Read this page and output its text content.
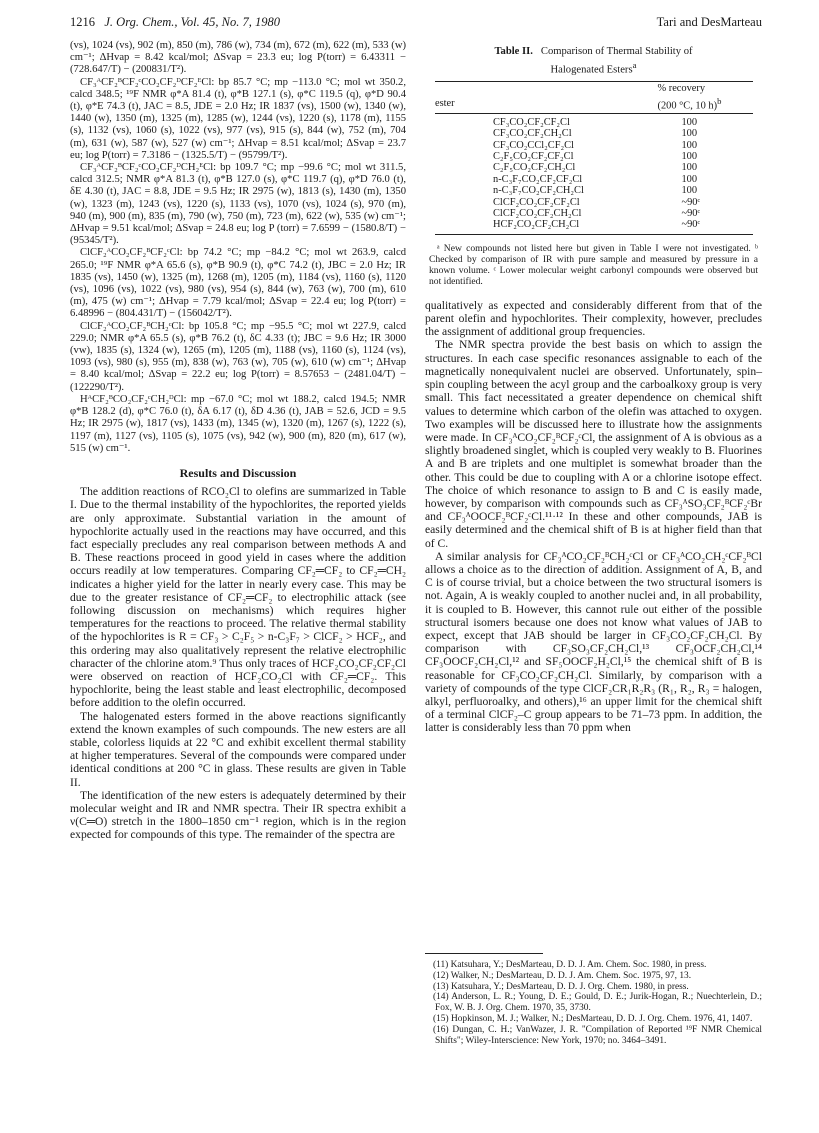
1216 J. Org. Chem., Vol. 45, No. 7, 1980	Tari and DesMarteau

(vs), 1024 (vs), 902 (m), 850 (m), 786 (w), 734 (m), 672 (m), 622 (m), 533 (w) cm⁻¹; ΔHvap = 8.42 kcal/mol; ΔSvap = 23.3 eu; log P(torr) = 6.43311 − (728.647/T) − (200831/T²).

CF₃ᴬCF₂ᴮCF₂ᶜCO₂CF₂ᴰCF₂ᴱCl: bp 85.7 °C; mp −113.0 °C; mol wt 350.2, calcd 348.5; ¹⁹F NMR φ*A 81.4 (t), φ*B 127.1 (s), φ*C 119.5 (q), φ*D 90.4 (t), φ*E 74.3 (t), JAC = 8.5, JDE = 2.0 Hz; IR 1837 (vs), 1500 (w), 1340 (w), 1440 (w), 1350 (m), 1325 (m), 1285 (w), 1244 (vs), 1220 (s), 1178 (m), 1155 (s), 1132 (vs), 1060 (s), 1022 (vs), 977 (vs), 915 (s), 844 (w), 752 (m), 704 (m), 631 (w), 587 (w), 527 (w) cm⁻¹; ΔHvap = 8.51 kcal/mol; ΔSvap = 23.7 eu; log P(torr) = 7.3186 − (1325.5/T) − (95799/T²).

CF₃ᴬCF₂ᴮCF₂ᶜCO₂CF₂ᴰCH₂ᴱCl: bp 109.7 °C; mp −99.6 °C; mol wt 311.5, calcd 312.5; NMR φ*A 81.3 (t), φ*B 127.0 (s), φ*C 119.7 (q), φ*D 76.0 (t), δE 4.30 (t), JAC = 8.8, JDE = 9.5 Hz; IR 2975 (w), 1813 (s), 1430 (m), 1350 (w), 1323 (m), 1243 (vs), 1220 (s), 1133 (vs), 1070 (vs), 1024 (s), 970 (m), 940 (m), 900 (m), 835 (m), 790 (w), 750 (m), 723 (m), 622 (w), 535 (w) cm⁻¹; ΔHvap = 9.51 kcal/mol; ΔSvap = 24.8 eu; log P (torr) = 7.6599 − (1580.8/T) − (95345/T²).

ClCF₂ᴬCO₂CF₂ᴮCF₂ᶜCl: bp 74.2 °C; mp −84.2 °C; mol wt 263.9, calcd 265.0; ¹⁹F NMR φ*A 65.6 (s), φ*B 90.9 (t), φ*C 74.2 (t), JBC = 2.0 Hz; IR 1835 (vs), 1450 (w), 1325 (m), 1268 (m), 1205 (m), 1184 (vs), 1160 (s), 1120 (vs), 1096 (vs), 1022 (vs), 980 (vs), 954 (s), 844 (w), 763 (w), 700 (m), 610 (m), 475 (w) cm⁻¹; ΔHvap = 7.79 kcal/mol; ΔSvap = 22.4 eu; log P(torr) = 6.48996 − (804.431/T) − (156042/T²).

ClCF₂ᴬCO₂CF₂ᴮCH₂ᶜCl: bp 105.8 °C; mp −95.5 °C; mol wt 227.9, calcd 229.0; NMR φ*A 65.5 (s), φ*B 76.2 (t), δC 4.33 (t); JBC = 9.6 Hz; IR 3000 (vw), 1835 (s), 1324 (w), 1265 (m), 1205 (m), 1188 (vs), 1160 (s), 1124 (vs), 1093 (vs), 980 (s), 955 (m), 838 (w), 763 (w), 705 (w), 610 (w) cm⁻¹; ΔHvap = 8.40 kcal/mol; ΔSvap = 22.2 eu; log P(torr) = 8.57653 − (2481.04/T) − (122290/T²).

HᴬCF₂ᴮCO₂CF₂ᶜCH₂ᴰCl: mp −67.0 °C; mol wt 188.2, calcd 194.5; NMR φ*B 128.2 (d), φ*C 76.0 (t), δA 6.17 (t), δD 4.36 (t), JAB = 52.6, JCD = 9.5 Hz; IR 2975 (w), 1817 (vs), 1433 (m), 1345 (w), 1320 (m), 1267 (s), 1222 (s), 1197 (m), 1127 (vs), 1105 (s), 1075 (vs), 942 (w), 900 (m), 820 (m), 617 (w), 515 (w) cm⁻¹.

Results and Discussion

The addition reactions of RCO₂Cl to olefins are summarized in Table I. Due to the thermal instability of the hypochlorites, the reported yields are only approximate. Substantial variation in the amount of hypochlorite actually used in the reactions may have occurred, and this fact especially precludes any real comparison between methods A and B. These reactions proceed in good yield in cases where the addition occurs readily at low temperatures. Comparing CF₂═CF₂ to CF₂═CH₂ indicates a higher yield for the latter in nearly every case. This may be due to the greater resistance of CF₂═CF₂ to electrophilic attack (see following discussion on mechanisms) which requires higher temperatures for the reactions to proceed. The relative thermal stability of the hypochlorites is R = CF₃ > C₂F₅ > n-C₃F₇ > ClCF₂ > HCF₂, and this ordering may also qualitatively represent the relative electrophilic character of the chlorine atom.⁹ Thus only traces of HCF₂CO₂CF₂CF₂Cl were observed on reaction of HCF₂CO₂Cl with CF₂═CF₂. This hypochlorite, being the least stable and least electrophilic, decomposed before addition to the olefin occurred.

The halogenated esters formed in the above reactions significantly extend the known examples of such compounds. The new esters are all stable, colorless liquids at 22 °C and exhibit excellent thermal stability at higher temperatures. Several of the compounds were compared under identical conditions at 200 °C in glass. These results are given in Table II.

The identification of the new esters is adequately determined by their molecular weight and IR and NMR spectra. Their IR spectra exhibit a ν(C═O) stretch in the 1800–1850 cm⁻¹ region, which is in the region expected for compounds of this type. The remainder of the spectra are

Table II. Comparison of Thermal Stability of
Halogenated Esters$^a$
	% recovery
ester	(200 °C, 10 h)$^b$
CF₃CO₂CF₂CF₂Cl	100
CF₃CO₂CF₂CH₂Cl	100
CF₃CO₂CCl₂CF₂Cl	100
C₂F₅CO₂CF₂CF₂Cl	100
C₂F₅CO₂CF₂CH₂Cl	100
n-C₃F₇CO₂CF₂CF₂Cl	100
n-C₃F₇CO₂CF₂CH₂Cl	100
ClCF₂CO₂CF₂CF₂Cl	~90ᶜ
ClCF₂CO₂CF₂CH₂Cl	~90ᶜ
HCF₂CO₂CF₂CH₂Cl	~90ᶜ
ᵃ New compounds not listed here but given in Table I were not investigated. ᵇ Checked by comparison of IR with pure sample and measured by pressure in a known volume. ᶜ Lower molecular weight carbonyl compounds were observed but not identified.

qualitatively as expected and considerably different from that of the parent olefin and hypochlorites. Their complexity, however, precludes the assignment of additional group frequencies.

The NMR spectra provide the best basis on which to assign the structures. In each case specific resonances assignable to each of the magnetically nonequivalent nuclei are observed. Unfortunately, spin–spin coupling between the acyl group and the carboalkoxy group is very small. This fact necessitated a greater dependence on chemical shift values to determine which carbon of the olefin was attached to oxygen. Two examples will be discussed here to illustrate how the assignments were made. In CF₃ᴬCO₂CF₂ᴮCF₂ᶜCl, the assignment of A is obvious as a slightly broadened singlet, which is coupled very weakly to B. Fluorines A and B are triplets and one multiplet is somewhat broader than the other. This could be due to coupling with A or a chlorine isotope effect. The choice of which resonance to assign to B and C is easily made, however, by comparison with compounds such as CF₃ᴬSO₃CF₂ᴮCF₂ᶜBr and CF₃ᴬOOCF₂ᴮCF₂ᶜCl.¹¹·¹² In these and other compounds, JAB is easily determined and the chemical shift of B is at higher field than that of C.

A similar analysis for CF₃ᴬCO₂CF₂ᴮCH₂ᶜCl or CF₃ᴬCO₂CH₂ᶜCF₂ᴮCl allows a choice as to the direction of addition. Assignment of A, B, and C is of course trivial, but a choice between the two structural isomers is not. Again, A is weakly coupled to another nuclei and, in all probability, it is coupled to B. However, this cannot rule out either of the possible structural isomers because one does not know what values of JAB to expect, except that JAB should be larger in CF₃CO₂CF₂CH₂Cl. By comparison with CF₃SO₃CF₂CH₂Cl,¹³ CF₃OCF₂CH₂Cl,¹⁴ CF₃OOCF₂CH₂Cl,¹² and SF₅OOCF₂H₂Cl,¹⁵ the chemical shift of B is reasonable for CF₃CO₂CF₂CH₂Cl. Similarly, by comparison with a variety of compounds of the type ClCF₂CR₁R₂R₃ (R₁, R₂, R₃ = halogen, alkyl, perfluoroalky, and others),¹⁶ an upper limit for the chemical shift of a terminal ClCF₂–C group appears to be 71–73 ppm. In addition, the latter is considerably less than 70 ppm when

(11) Katsuhara, Y.; DesMarteau, D. D. J. Am. Chem. Soc. 1980, in press.

(12) Walker, N.; DesMarteau, D. D. J. Am. Chem. Soc. 1975, 97, 13.

(13) Katsuhara, Y.; DesMarteau, D. D. J. Org. Chem. 1980, in press.

(14) Anderson, L. R.; Young, D. E.; Gould, D. E.; Jurik-Hogan, R.; Nuechterlein, D.; Fox, W. B. J. Org. Chem. 1970, 35, 3730.

(15) Hopkinson, M. J.; Walker, N.; DesMarteau, D. D. J. Org. Chem. 1976, 41, 1407.

(16) Dungan, C. H.; VanWazer, J. R. "Compilation of Reported ¹⁹F NMR Chemical Shifts"; Wiley-Interscience: New York, 1970; no. 3464–3491.
